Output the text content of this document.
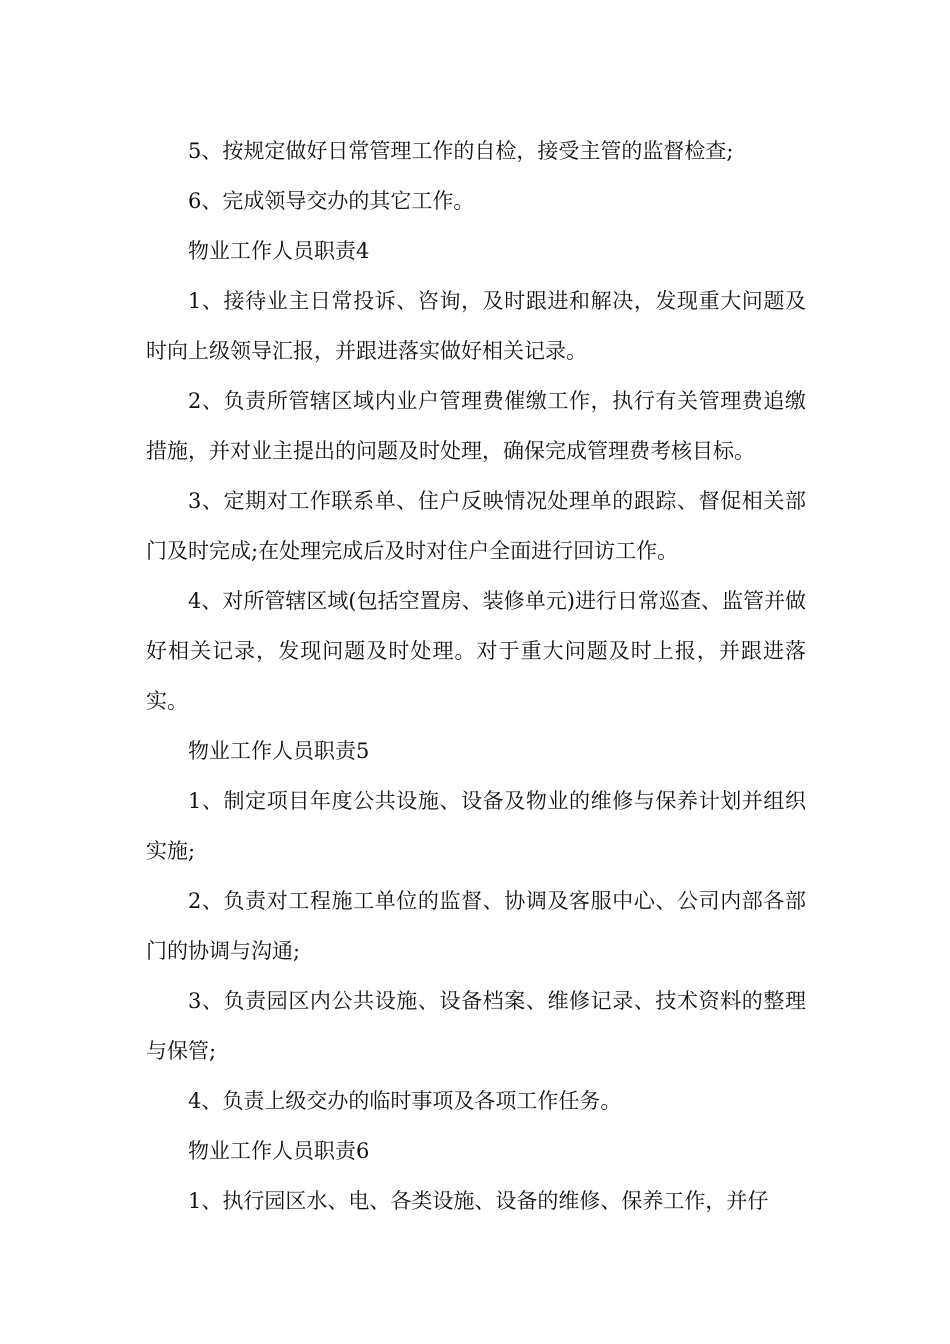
5、按规定做好日常管理工作的自检，接受主管的监督检查;

6、完成领导交办的其它工作。

物业工作人员职责4

1、接待业主日常投诉、咨询，及时跟进和解决，发现重大问题及时向上级领导汇报，并跟进落实做好相关记录。

2、负责所管辖区域内业户管理费催缴工作，执行有关管理费追缴措施，并对业主提出的问题及时处理，确保完成管理费考核目标。

3、定期对工作联系单、住户反映情况处理单的跟踪、督促相关部门及时完成;在处理完成后及时对住户全面进行回访工作。

4、对所管辖区域(包括空置房、装修单元)进行日常巡查、监管并做好相关记录，发现问题及时处理。对于重大问题及时上报，并跟进落实。

物业工作人员职责5

1、制定项目年度公共设施、设备及物业的维修与保养计划并组织实施;

2、负责对工程施工单位的监督、协调及客服中心、公司内部各部门的协调与沟通;

3、负责园区内公共设施、设备档案、维修记录、技术资料的整理与保管;

4、负责上级交办的临时事项及各项工作任务。

物业工作人员职责6

1、执行园区水、电、各类设施、设备的维修、保养工作，并仔
